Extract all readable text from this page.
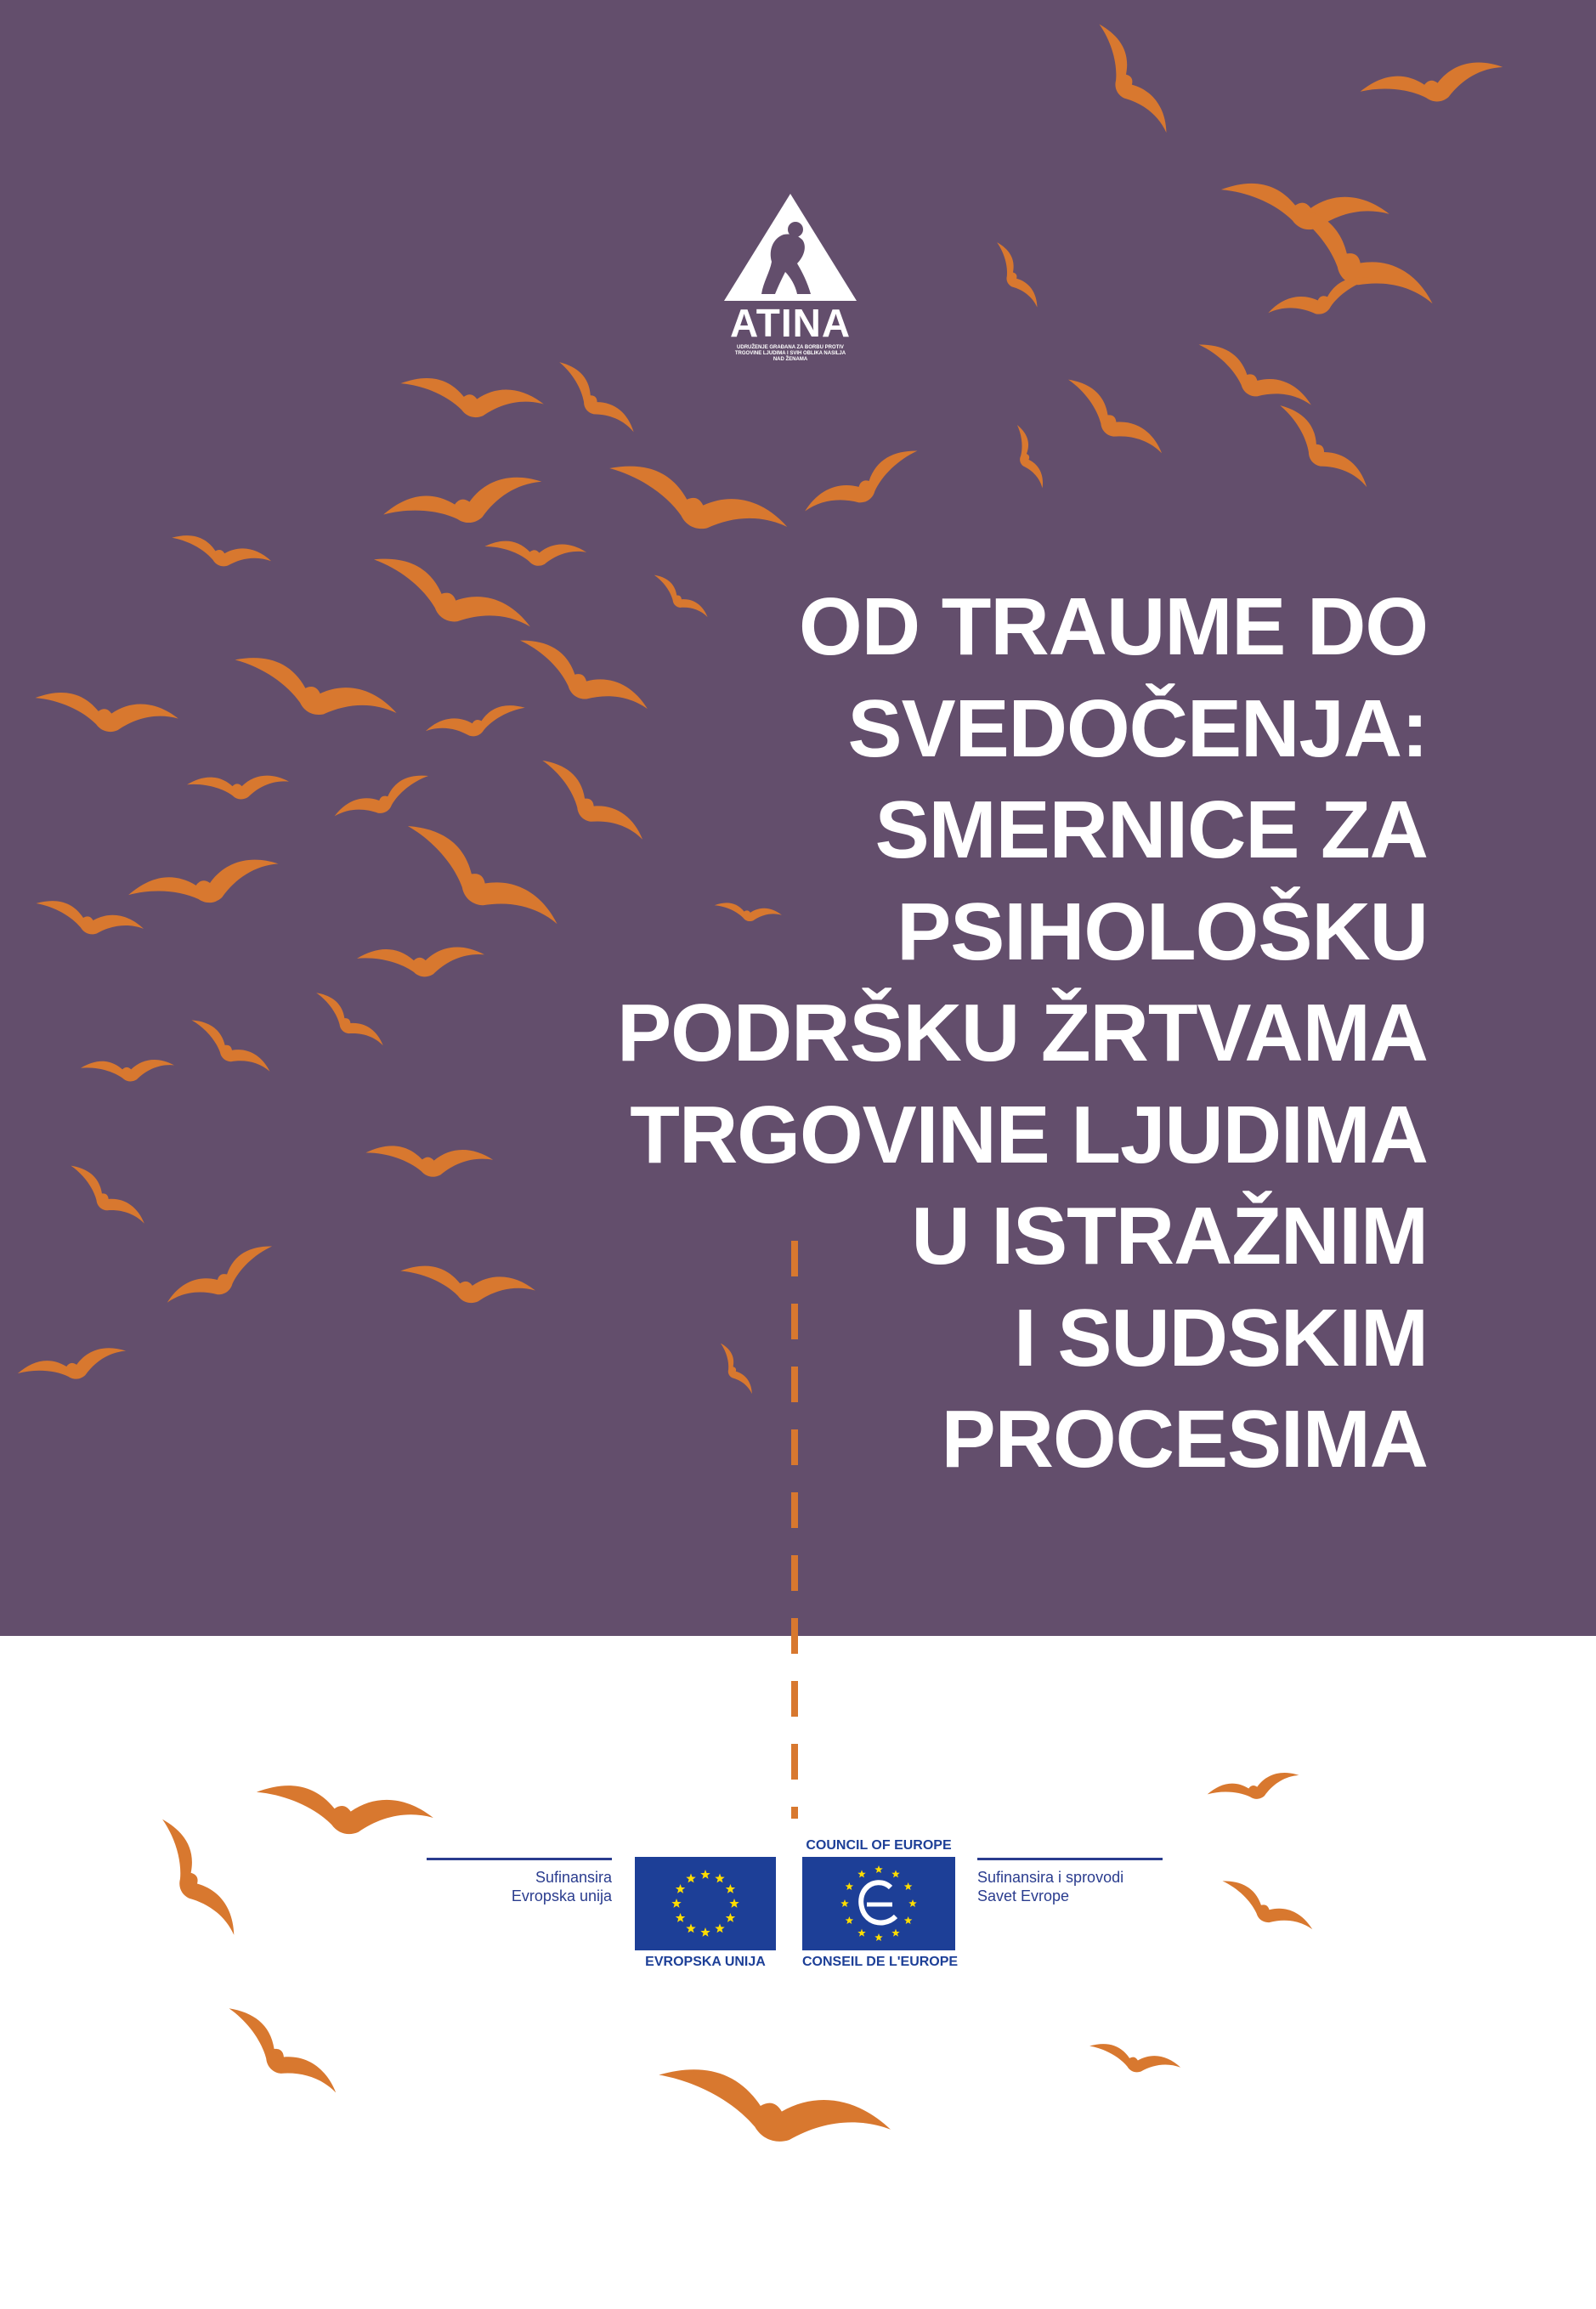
ATINA
UDRUŽENJE GRAĐANA ZA BORBU PROTIV TRGOVINE LJUDIMA I SVIH OBLIKA NASILJA NAD ŽENAMA
OD TRAUME DO
SVEDOČENJA:
SMERNICE ZA
PSIHOLOŠKU
PODRŠKU ŽRTVAMA
TRGOVINE LJUDIMA
U ISTRAŽNIM
I SUDSKIM
PROCESIMA
Sufinansira
Evropska unija
EVROPSKA UNIJA
COUNCIL OF EUROPE
CONSEIL DE L'EUROPE
Sufinansira i sprovodi
Savet Evrope
